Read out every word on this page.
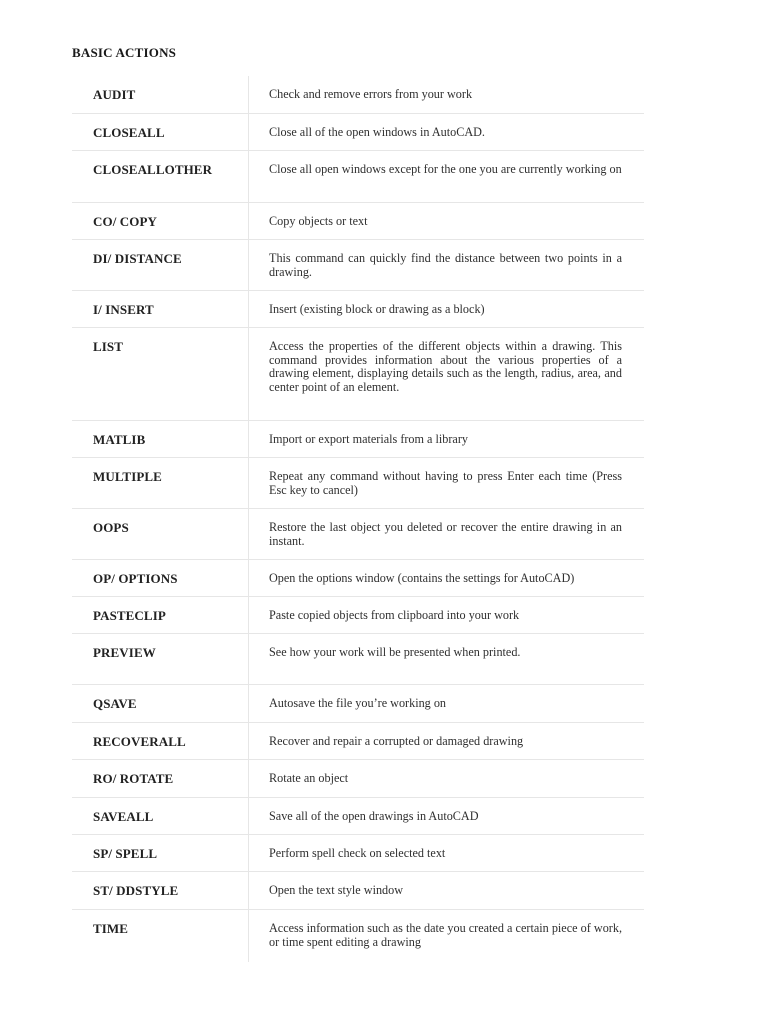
BASIC ACTIONS
AUDIT	Check and remove errors from your work
CLOSEALL	Close all of the open windows in AutoCAD.
CLOSEALLOTHER	Close all open windows except for the one you are currently working on
CO/ COPY	Copy objects or text
DI/ DISTANCE	This command can quickly find the distance between two points in a drawing.
I/ INSERT	Insert (existing block or drawing as a block)
LIST	Access the properties of the different objects within a drawing. This command provides information about the various properties of a drawing element, displaying details such as the length, radius, area, and center point of an element.
MATLIB	Import or export materials from a library
MULTIPLE	Repeat any command without having to press Enter each time (Press Esc key to cancel)
OOPS	Restore the last object you deleted or recover the entire drawing in an instant.
OP/ OPTIONS	Open the options window (contains the settings for AutoCAD)
PASTECLIP	Paste copied objects from clipboard into your work
PREVIEW	See how your work will be presented when printed.
QSAVE	Autosave the file you’re working on
RECOVERALL	Recover and repair a corrupted or damaged drawing
RO/ ROTATE	Rotate an object
SAVEALL	Save all of the open drawings in AutoCAD
SP/ SPELL	Perform spell check on selected text
ST/ DDSTYLE	Open the text style window
TIME	Access information such as the date you created a certain piece of work, or time spent editing a drawing
